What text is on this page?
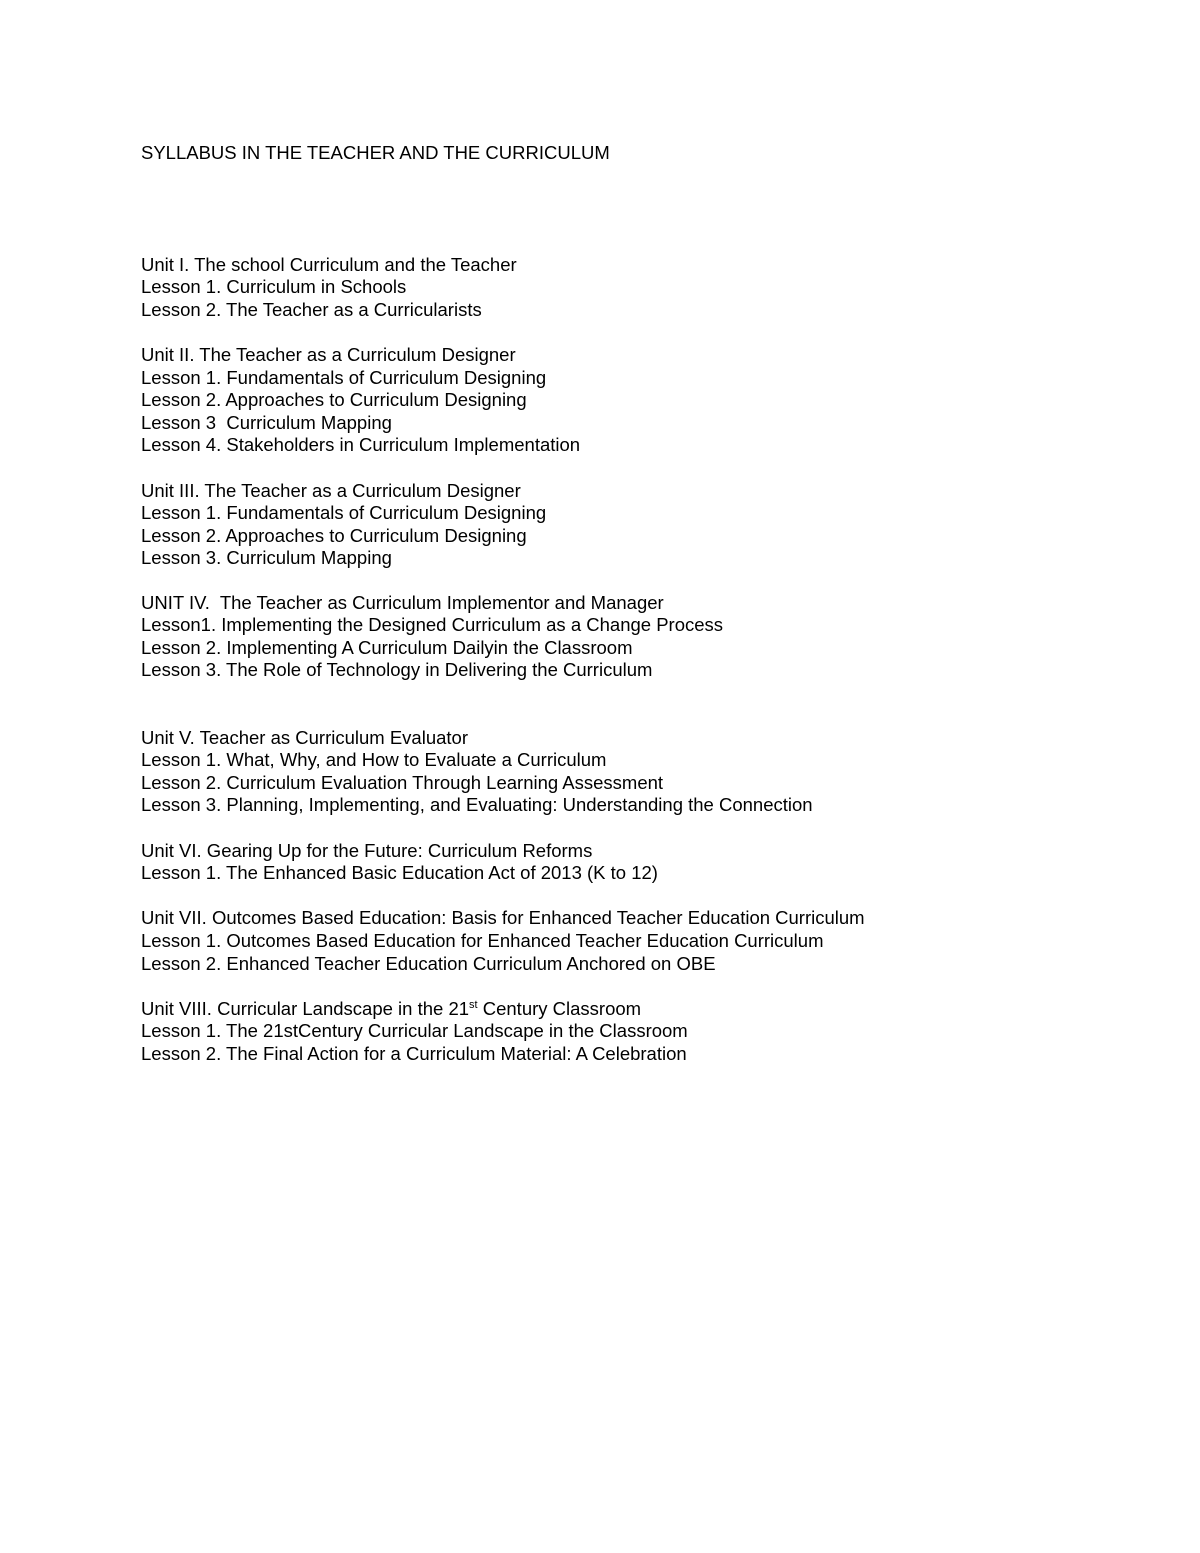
SYLLABUS IN THE TEACHER AND THE CURRICULUM
Unit I. The school Curriculum and the Teacher
Lesson 1. Curriculum in Schools
Lesson 2. The Teacher as a Curricularists
Unit II. The Teacher as a Curriculum Designer
Lesson 1. Fundamentals of Curriculum Designing
Lesson 2. Approaches to Curriculum Designing
Lesson 3  Curriculum Mapping
Lesson 4. Stakeholders in Curriculum Implementation
Unit III. The Teacher as a Curriculum Designer
Lesson 1. Fundamentals of Curriculum Designing
Lesson 2. Approaches to Curriculum Designing
Lesson 3. Curriculum Mapping
UNIT IV.  The Teacher as Curriculum Implementor and Manager
Lesson1. Implementing the Designed Curriculum as a Change Process
Lesson 2. Implementing A Curriculum Dailyin the Classroom
Lesson 3. The Role of Technology in Delivering the Curriculum
Unit V. Teacher as Curriculum Evaluator
Lesson 1. What, Why, and How to Evaluate a Curriculum
Lesson 2. Curriculum Evaluation Through Learning Assessment
Lesson 3. Planning, Implementing, and Evaluating: Understanding the Connection
Unit VI. Gearing Up for the Future: Curriculum Reforms
Lesson 1. The Enhanced Basic Education Act of 2013 (K to 12)
Unit VII. Outcomes Based Education: Basis for Enhanced Teacher Education Curriculum
Lesson 1. Outcomes Based Education for Enhanced Teacher Education Curriculum
Lesson 2. Enhanced Teacher Education Curriculum Anchored on OBE
Unit VIII. Curricular Landscape in the 21st Century Classroom
Lesson 1. The 21stCentury Curricular Landscape in the Classroom
Lesson 2. The Final Action for a Curriculum Material: A Celebration
